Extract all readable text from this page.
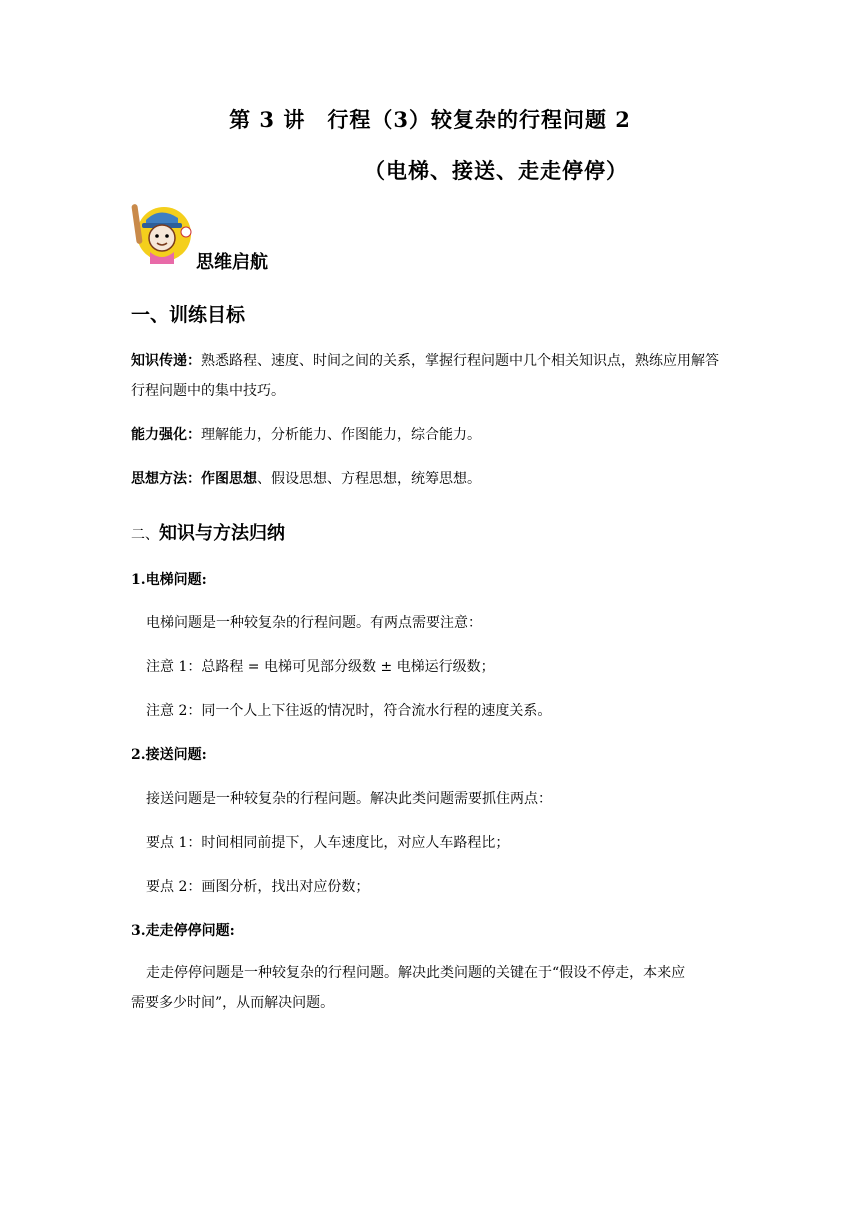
第 3 讲　行程（3）较复杂的行程问题 2
（电梯、接送、走走停停）
思维启航
一、训练目标
知识传递：熟悉路程、速度、时间之间的关系，掌握行程问题中几个相关知识点，熟练应用解答行程问题中的集中技巧。
能力强化：理解能力，分析能力、作图能力，综合能力。
思想方法：作图思想、假设思想、方程思想，统筹思想。
二、知识与方法归纳
1.电梯问题:
电梯问题是一种较复杂的行程问题。有两点需要注意：
注意 1：总路程 = 电梯可见部分级数 ± 电梯运行级数；
注意 2：同一个人上下往返的情况时，符合流水行程的速度关系。
2.接送问题:
接送问题是一种较复杂的行程问题。解决此类问题需要抓住两点：
要点 1：时间相同前提下，人车速度比，对应人车路程比；
要点 2：画图分析，找出对应份数；
3.走走停停问题:
走走停停问题是一种较复杂的行程问题。解决此类问题的关键在于“假设不停走，本来应
需要多少时间”，从而解决问题。
